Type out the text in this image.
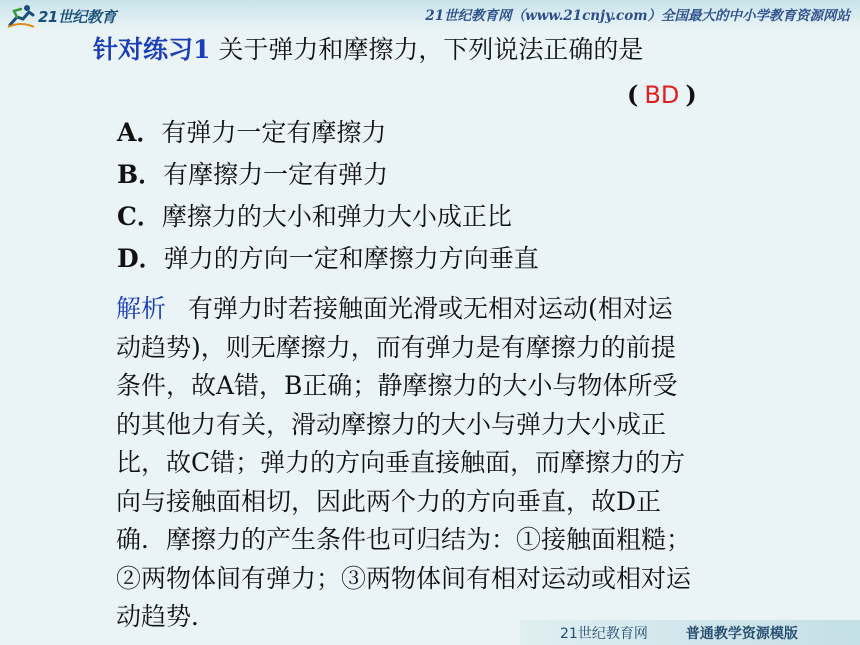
21世纪教育	21世纪教育网（www.21cnjy.com）全国最大的中小学教育资源网站
针对练习1 关于弹力和摩擦力，下列说法正确的是
( BD )
A．有弹力一定有摩擦力
B．有摩擦力一定有弹力
C．摩擦力的大小和弹力大小成正比
D．弹力的方向一定和摩擦力方向垂直
解析 有弹力时若接触面光滑或无相对运动(相对运
动趋势)，则无摩擦力，而有弹力是有摩擦力的前提
条件，故A错，B正确；静摩擦力的大小与物体所受
的其他力有关，滑动摩擦力的大小与弹力大小成正
比，故C错；弹力的方向垂直接触面，而摩擦力的方
向与接触面相切，因此两个力的方向垂直，故D正
确．摩擦力的产生条件也可归结为：①接触面粗糙；
②两物体间有弹力；③两物体间有相对运动或相对运
动趋势．
21世纪教育网	普通教学资源模版
